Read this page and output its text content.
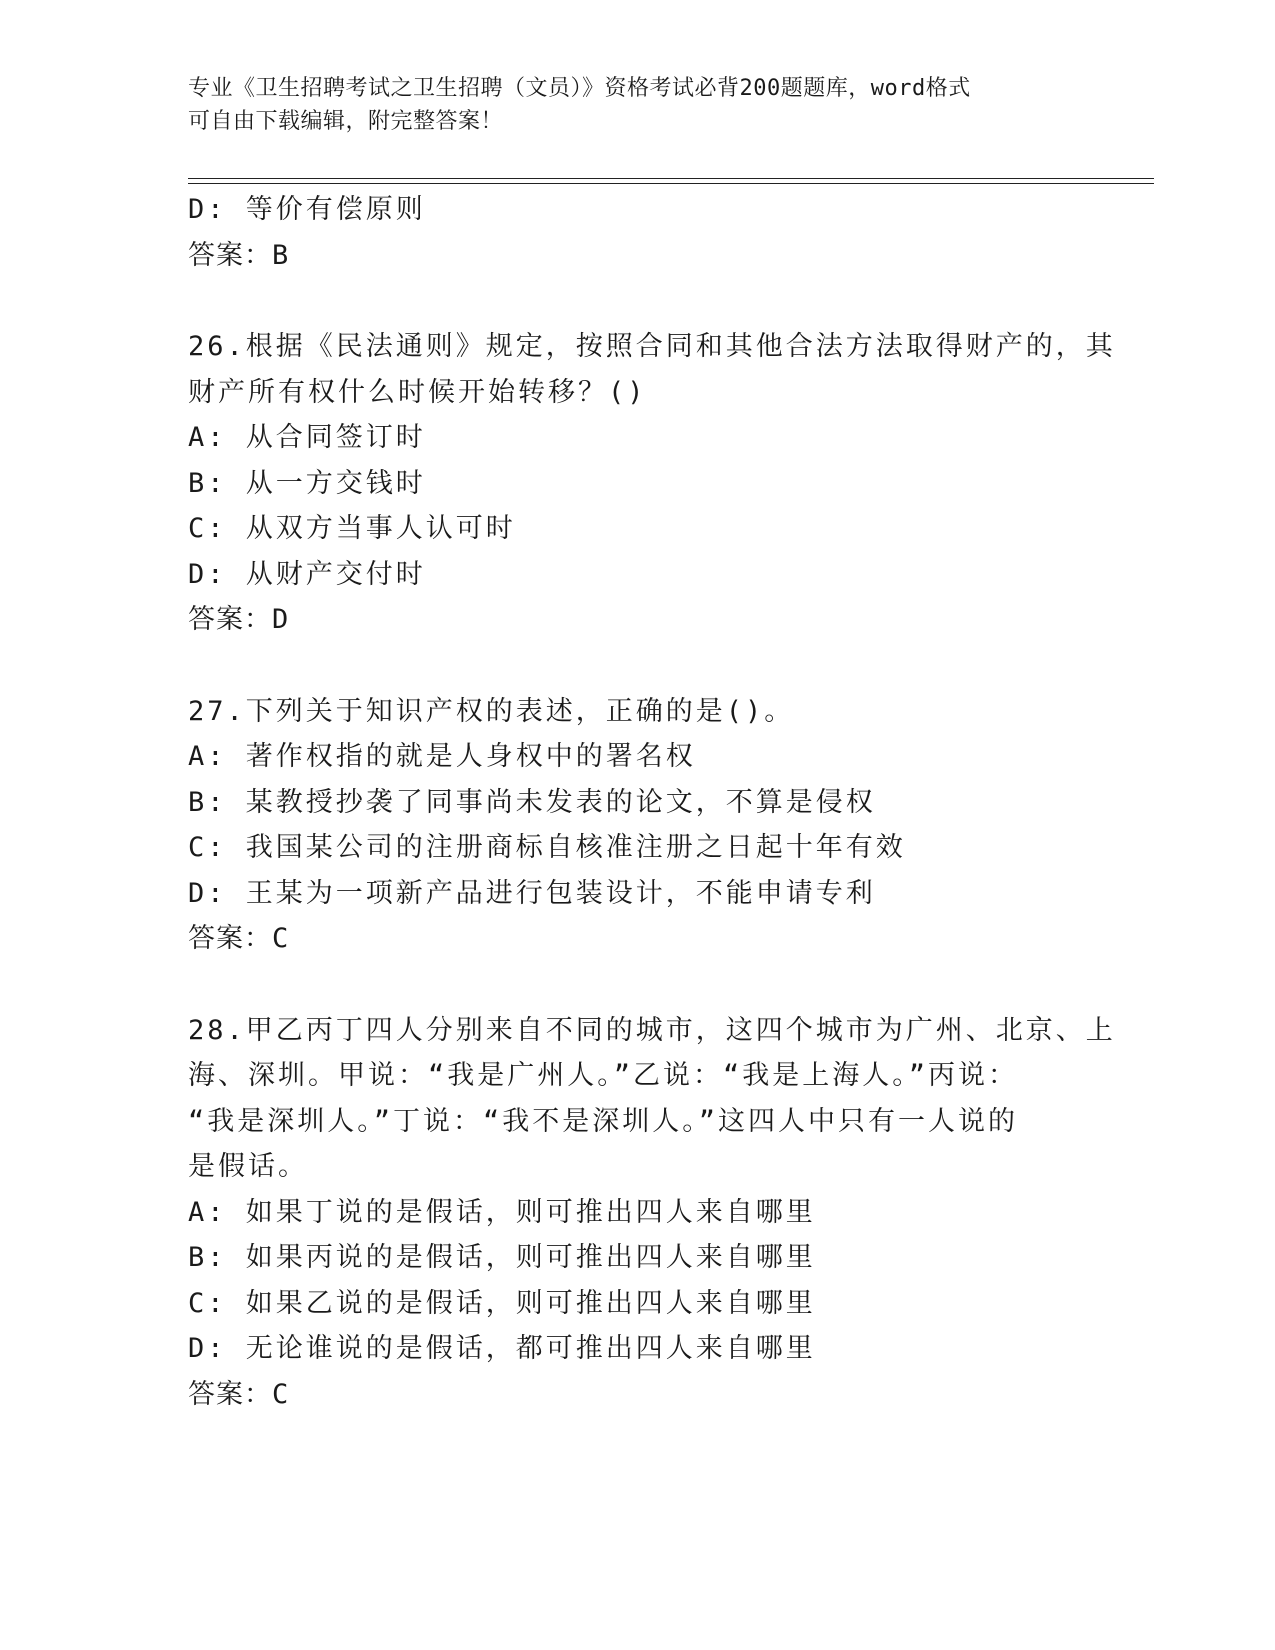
专业《卫生招聘考试之卫生招聘（文员）》资格考试必背200题题库，word格式
可自由下载编辑，附完整答案！
D: 等价有偿原则
答案：B
26.根据《民法通则》规定，按照合同和其他合法方法取得财产的，其
财产所有权什么时候开始转移？()
A: 从合同签订时
B: 从一方交钱时
C: 从双方当事人认可时
D: 从财产交付时
答案：D
27.下列关于知识产权的表述，正确的是()。
A: 著作权指的就是人身权中的署名权
B: 某教授抄袭了同事尚未发表的论文，不算是侵权
C: 我国某公司的注册商标自核准注册之日起十年有效
D: 王某为一项新产品进行包装设计，不能申请专利
答案：C
28.甲乙丙丁四人分别来自不同的城市，这四个城市为广州、北京、上
海、深圳。甲说：“我是广州人。”乙说：“我是上海人。”丙说：
“我是深圳人。”丁说：“我不是深圳人。”这四人中只有一人说的
是假话。
A: 如果丁说的是假话，则可推出四人来自哪里
B: 如果丙说的是假话，则可推出四人来自哪里
C: 如果乙说的是假话，则可推出四人来自哪里
D: 无论谁说的是假话，都可推出四人来自哪里
答案：C
